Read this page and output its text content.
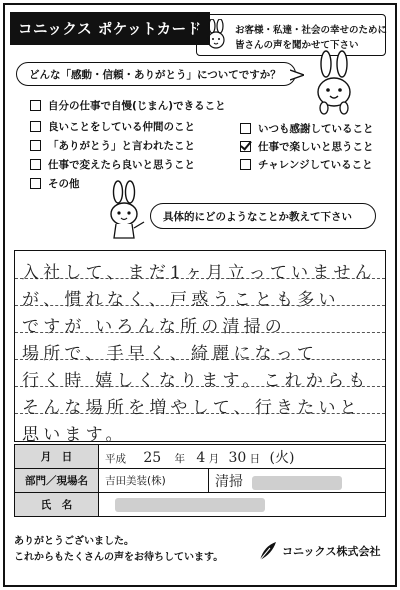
コニックス ポケットカード	お客様・私達・社会の幸せのために
皆さんの声を聞かせて下さい
どんな「感動・信頼・ありがとう」についてですか？
自分の仕事で自慢(じまん)できること
良いことをしている仲間のこと
「ありがとう」と言われたこと
仕事で変えたら良いと思うこと
その他
いつも感謝していること
仕事で楽しいと思うこと
チャレンジしていること
具体的にどのようなことか教えて下さい
入社して、まだ1ヶ月立っていません
が、慣れなく、戸惑うことも多い
ですが いろんな所の清掃の
場所で、手早く、綺麗になって
行く時 嬉しくなります。これからも
そんな場所を増やして、行きたいと
思います。
月　日	平成 25 年 4 月 30 日 (火)	
部門／現場名	吉田美装(株)	清掃
氏　名		
ありがとうございました。
これからもたくさんの声をお待ちしています。	コニックス株式会社
